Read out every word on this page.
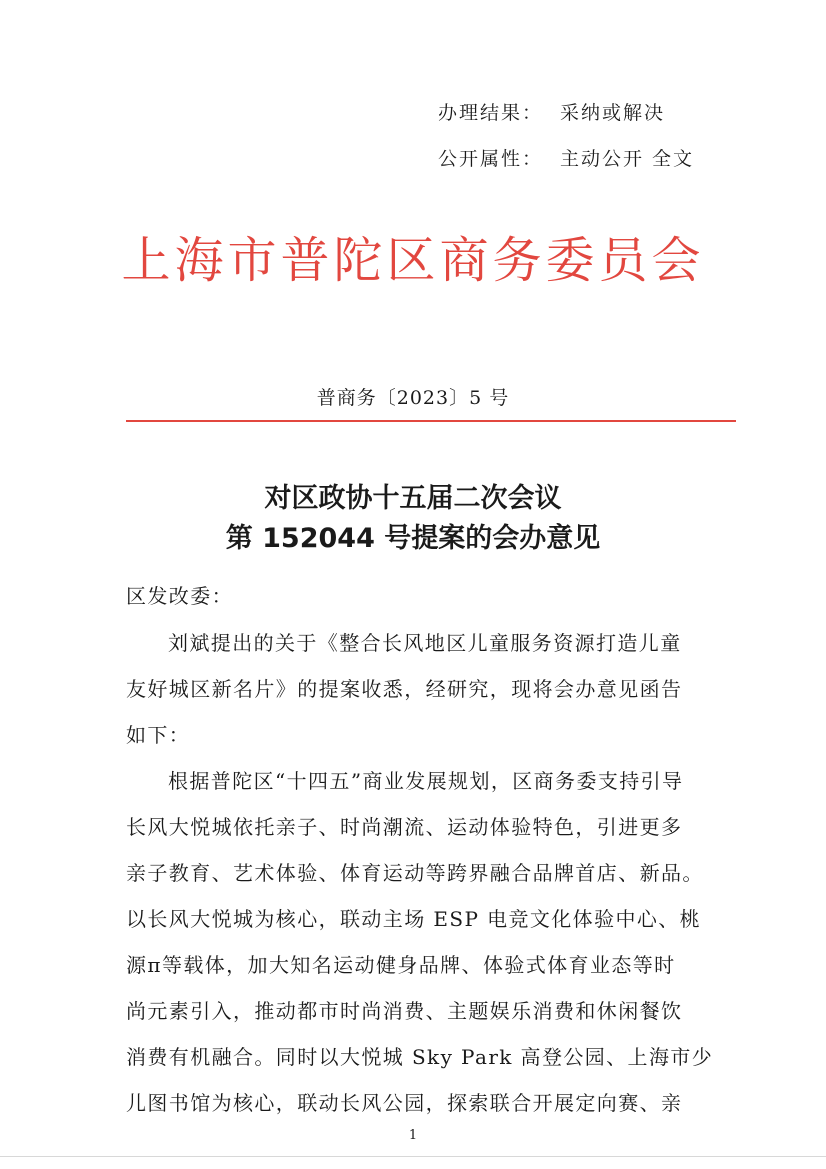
办理结果： 采纳或解决
公开属性： 主动公开 全文
上海市普陀区商务委员会
普商务〔2023〕5 号
对区政协十五届二次会议
第 152044 号提案的会办意见
区发改委：
刘斌提出的关于《整合长风地区儿童服务资源打造儿童
友好城区新名片》的提案收悉，经研究，现将会办意见函告
如下：
根据普陀区“十四五”商业发展规划，区商务委支持引导
长风大悦城依托亲子、时尚潮流、运动体验特色，引进更多
亲子教育、艺术体验、体育运动等跨界融合品牌首店、新品。
以长风大悦城为核心，联动主场 ESP 电竞文化体验中心、桃
源π等载体，加大知名运动健身品牌、体验式体育业态等时
尚元素引入，推动都市时尚消费、主题娱乐消费和休闲餐饮
消费有机融合。同时以大悦城 Sky Park 高登公园、上海市少
儿图书馆为核心，联动长风公园，探索联合开展定向赛、亲
1
